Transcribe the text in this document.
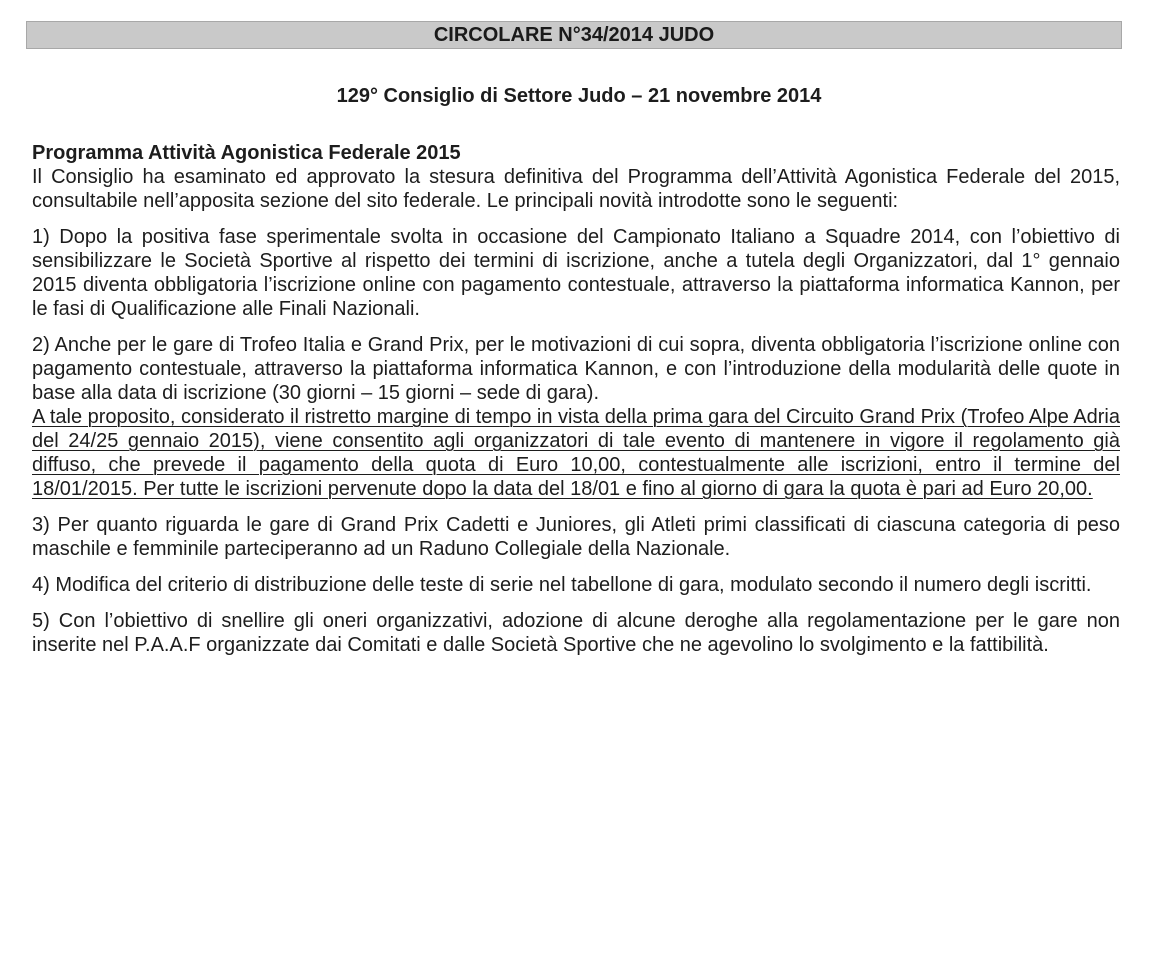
CIRCOLARE N°34/2014 JUDO
129° Consiglio di Settore Judo – 21 novembre 2014

Programma Attività Agonistica Federale 2015

Il Consiglio ha esaminato ed approvato la stesura definitiva del Programma dell’Attività Agonistica Federale del 2015, consultabile nell’apposita sezione del sito federale. Le principali novità introdotte sono le seguenti:

1) Dopo la positiva fase sperimentale svolta in occasione del Campionato Italiano a Squadre 2014, con l’obiettivo di sensibilizzare le Società Sportive al rispetto dei termini di iscrizione, anche a tutela degli Organizzatori, dal 1° gennaio 2015 diventa obbligatoria l’iscrizione online con pagamento contestuale, attraverso la piattaforma informatica Kannon, per le fasi di Qualificazione alle Finali Nazionali.

2) Anche per le gare di Trofeo Italia e Grand Prix, per le motivazioni di cui sopra, diventa obbligatoria l’iscrizione online con pagamento contestuale, attraverso la piattaforma informatica Kannon, e con l’introduzione della modularità delle quote in base alla data di iscrizione (30 giorni – 15 giorni – sede di gara).

A tale proposito, considerato il ristretto margine di tempo in vista della prima gara del Circuito Grand Prix (Trofeo Alpe Adria del 24/25 gennaio 2015), viene consentito agli organizzatori di tale evento di mantenere in vigore il regolamento già diffuso, che prevede il pagamento della quota di Euro 10,00, contestualmente alle iscrizioni, entro il termine del 18/01/2015. Per tutte le iscrizioni pervenute dopo la data del 18/01 e fino al giorno di gara la quota è pari ad Euro 20,00.

3) Per quanto riguarda le gare di Grand Prix Cadetti e Juniores, gli Atleti primi classificati di ciascuna categoria di peso maschile e femminile parteciperanno ad un Raduno Collegiale della Nazionale.

4) Modifica del criterio di distribuzione delle teste di serie nel tabellone di gara, modulato secondo il numero degli iscritti.

5) Con l’obiettivo di snellire gli oneri organizzativi, adozione di alcune deroghe alla regolamentazione per le gare non inserite nel P.A.A.F organizzate dai Comitati e dalle Società Sportive che ne agevolino lo svolgimento e la fattibilità.
